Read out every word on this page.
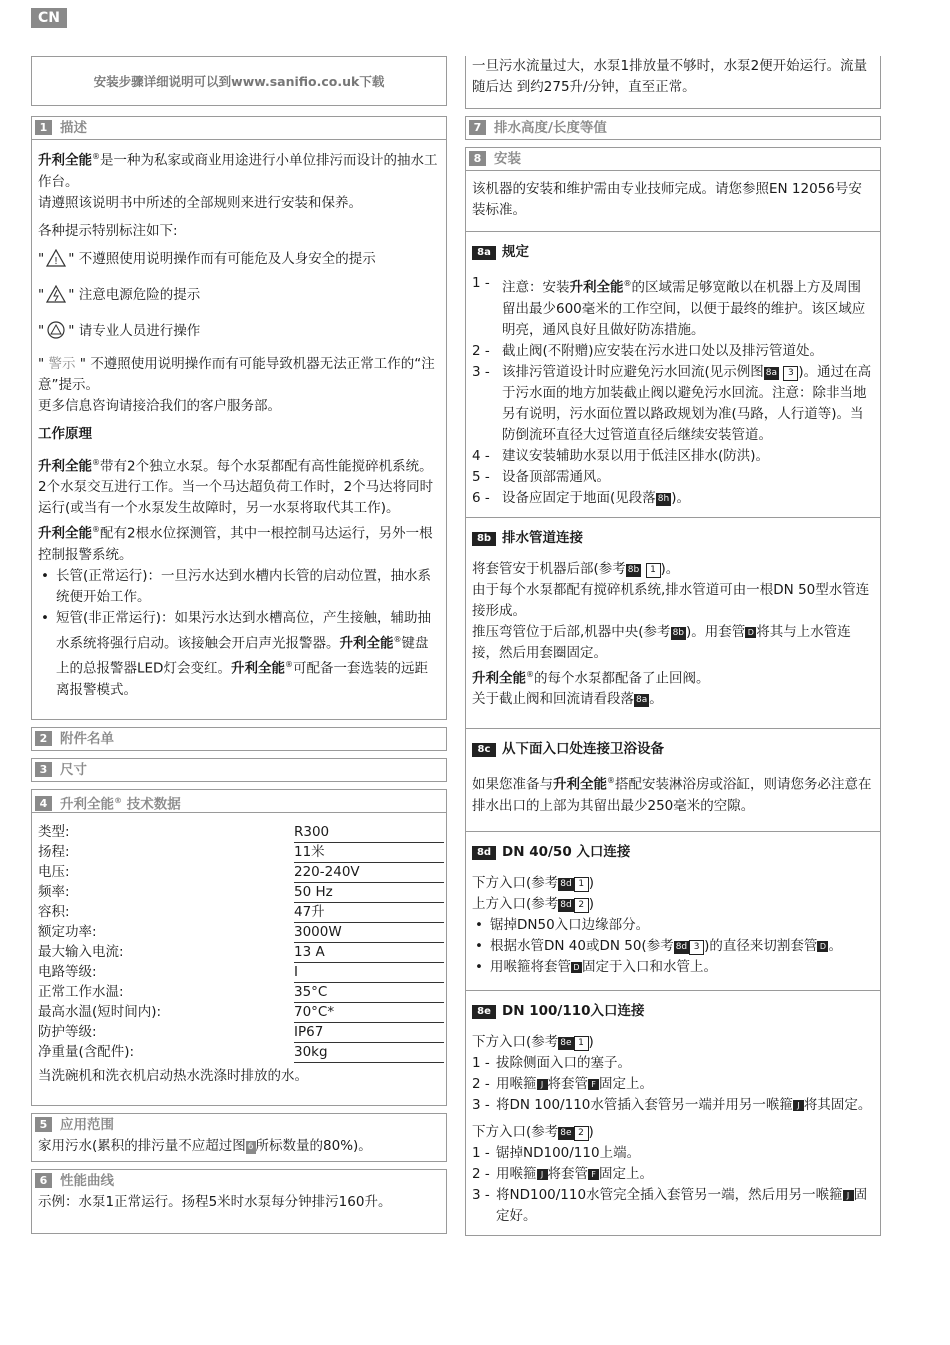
CN
安装步骤详细说明可以到www.sanifio.co.uk下载
1 描述

升利全能®是一种为私家或商业用途进行小单位排污而设计的抽水工作台。

请遵照该说明书中所述的全部规则来进行安装和保养。

各种提示特别标注如下:

" ! " 不遵照使用说明操作而有可能危及人身安全的提示

" " 注意电源危险的提示

" " 请专业人员进行操作

" 警示 " 不遵照使用说明操作而有可能导致机器无法正常工作的“注意”提示。

更多信息咨询请接洽我们的客户服务部。

工作原理

升利全能®带有2个独立水泵。每个水泵都配有高性能搅碎机系统。2个水泵交互进行工作。当一个马达超负荷工作时，2个马达将同时运行(或当有一个水泵发生故障时，另一水泵将取代其工作)。

升利全能®配有2根水位探测管，其中一根控制马达运行，另外一根控制报警系统。

• 长管(正常运行)：一旦污水达到水槽内长管的启动位置，抽水系统便开始工作。
• 短管(非正常运行)：如果污水达到水槽高位，产生接触，辅助抽水系统将强行启动。该接触会开启声光报警器。升利全能®键盘上的总报警器LED灯会变红。升利全能®可配备一套选装的远距离报警模式。
2 附件名单
3 尺寸
4 升利全能® 技术数据
类型:		R300
扬程:		11米
电压:		220-240V
频率:		50 Hz
容积:		47升
额定功率:		3000W
最大输入电流:		13 A
电路等级:		I
正常工作水温:		35°C
最高水温(短时间内):		70°C*
防护等级:		IP67
净重量(含配件):		30kg

当洗碗机和洗衣机启动热水洗涤时排放的水。

5 应用范围

家用污水(累积的排污量不应超过图 6 所标数量的80%)。

6 性能曲线

示例：水泵1正常运行。扬程5米时水泵每分钟排污160升。

一旦污水流量过大，水泵1排放量不够时，水泵2便开始运行。流量随后达 到约275升/分钟，直至正常。

7 排水高度/长度等值
8 安装

该机器的安装和维护需由专业技师完成。请您参照EN 12056号安装标准。

8a 规定
1 - 注意：安装升利全能®的区域需足够宽敞以在机器上方及周围留出最少600毫米的工作空间，以便于最终的维护。该区域应明亮，通风良好且做好防冻措施。
2 - 截止阀(不附赠)应安装在污水进口处以及排污管道处。
3 - 该排污管道设计时应避免污水回流(见示例图 8a 3 )。通过在高于污水面的地方加装截止阀以避免污水回流。注意：除非当地另有说明，污水面位置以路政规划为准(马路，人行道等)。当防倒流环直径大过管道直径后继续安装管道。
4 - 建议安装辅助水泵以用于低洼区排水(防洪)。
5 - 设备顶部需通风。
6 - 设备应固定于地面(见段落 8h )。
8b 排水管道连接

将套管安于机器后部(参考 8b 1 )。

由于每个水泵都配有搅碎机系统,排水管道可由一根DN 50型水管连接形成。

推压弯管位于后部,机器中央(参考 8b )。用套管 D 将其与上水管连接，然后用套圈固定。

升利全能®的每个水泵都配备了止回阀。

关于截止阀和回流请看段落 8a 。

8c 从下面入口处连接卫浴设备

如果您准备与升利全能®搭配安装淋浴房或浴缸，则请您务必注意在排水出口的上部为其留出最少250毫米的空隙。

8d DN 40/50 入口连接

下方入口(参考 8d 1 )

上方入口(参考 8d 2 )

• 锯掉DN50入口边缘部分。
• 根据水管DN 40或DN 50(参考 8d 3 )的直径来切割套管 D 。
• 用喉箍将套管 D 固定于入口和水管上。
8e DN 100/110入口连接

下方入口(参考 8e 1 )

1 - 拔除侧面入口的塞子。
2 - 用喉箍 J 将套管 F 固定上。
3 - 将DN 100/110水管插入套管另一端并用另一喉箍 J 将其固定。

下方入口(参考 8e 2 )

1 - 锯掉ND100/110上端。
2 - 用喉箍 J 将套管 F 固定上。
3 - 将ND100/110水管完全插入套管另一端，然后用另一喉箍 J 固定好。
